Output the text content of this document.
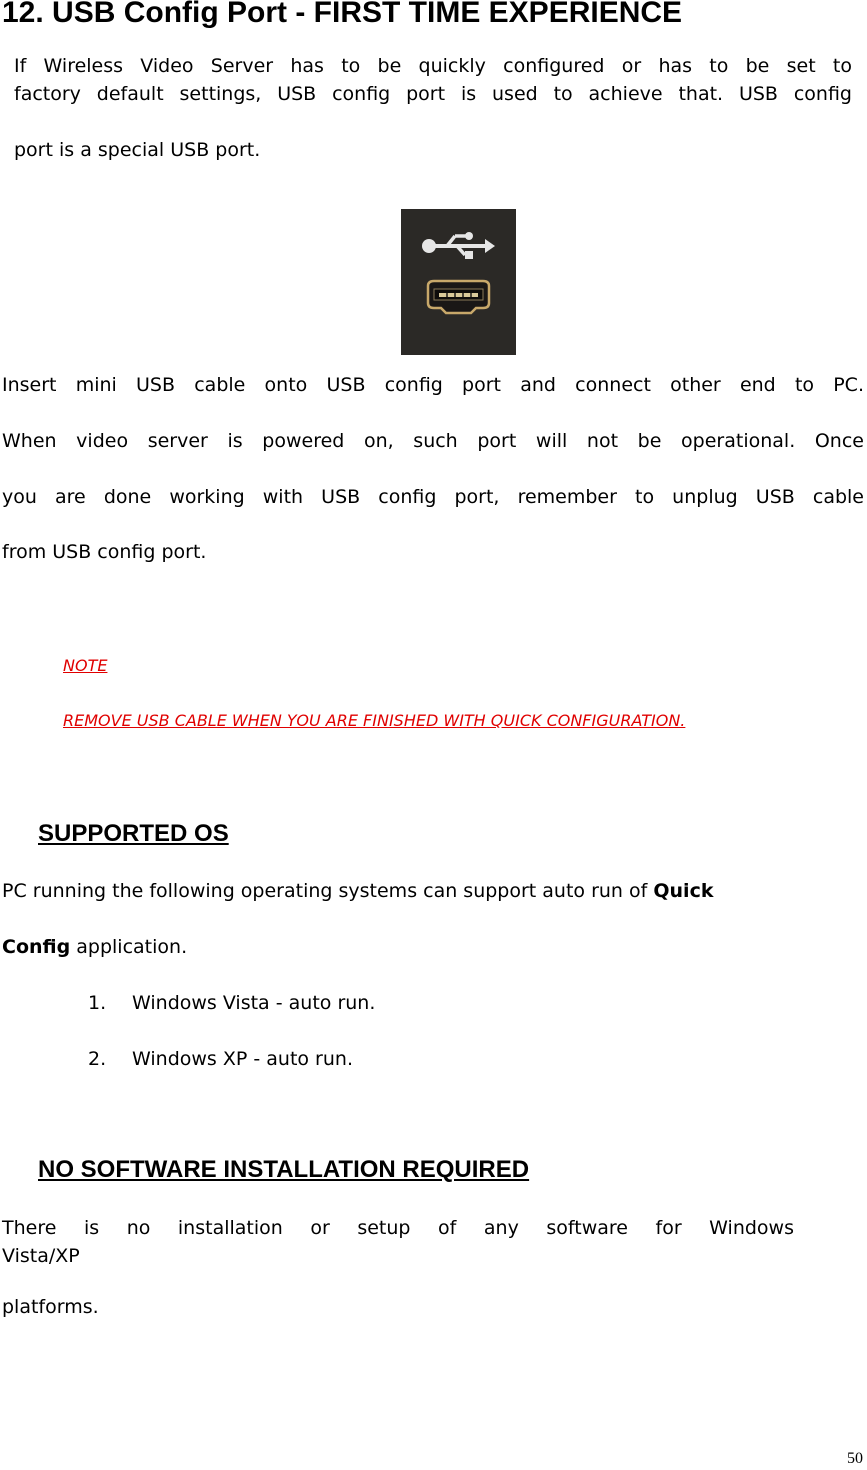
12. USB Config Port - FIRST TIME EXPERIENCE
If Wireless Video Server has to be quickly configured or has to be set to
factory default settings, USB config port is used to achieve that. USB config
port is a special USB port.
Insert mini USB cable onto USB config port and connect other end to PC.
When video server is powered on, such port will not be operational. Once
you are done working with USB config port, remember to unplug USB cable
from USB config port.
NOTE
REMOVE USB CABLE WHEN YOU ARE FINISHED WITH QUICK CONFIGURATION.
SUPPORTED OS
PC running the following operating systems can support auto run of Quick
Config application.
1. Windows Vista - auto run.
2. Windows XP - auto run.
NO SOFTWARE INSTALLATION REQUIRED
There is no installation or setup of any software for Windows
Vista/XP
platforms.
50
